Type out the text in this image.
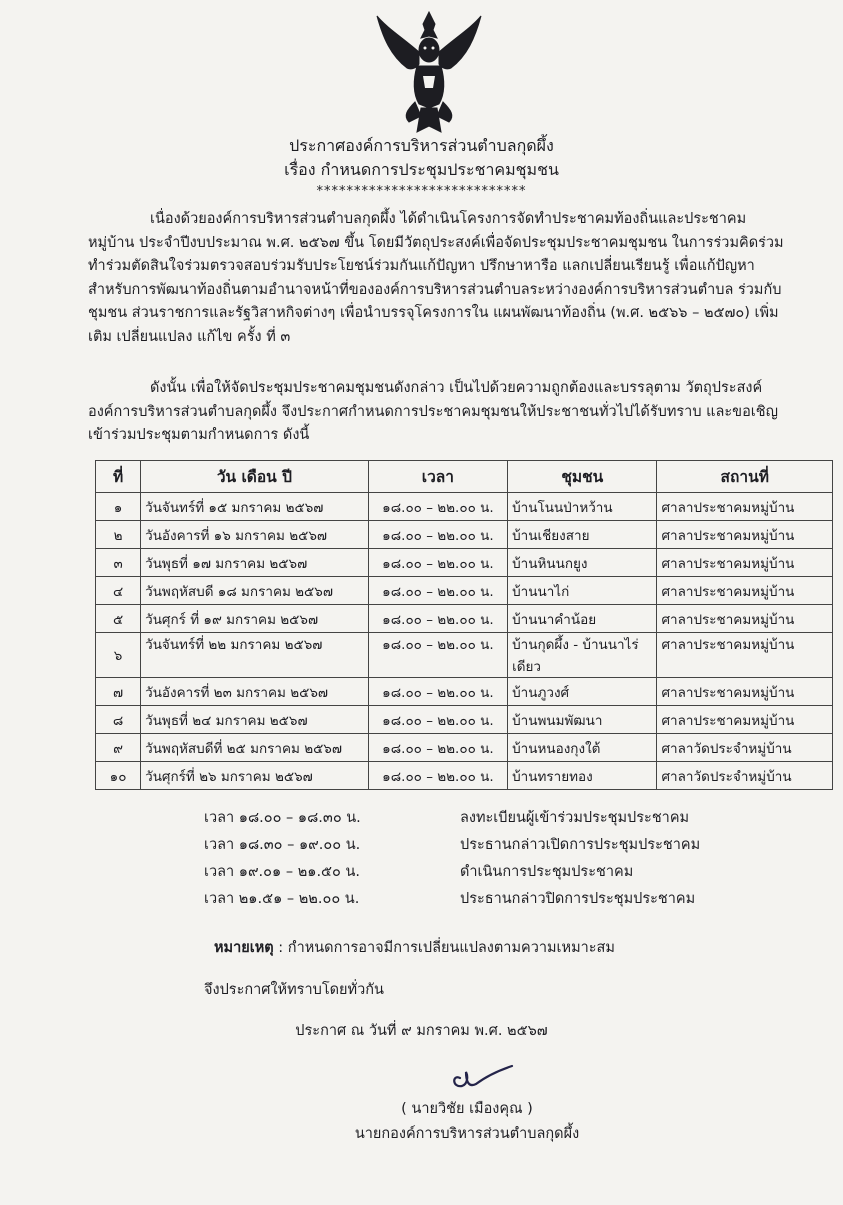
ประกาศองค์การบริหารส่วนตำบลกุดผึ้ง
เรื่อง กำหนดการประชุมประชาคมชุมชน
****************************
เนื่องด้วยองค์การบริหารส่วนตำบลกุดผึ้ง ได้ดำเนินโครงการจัดทำประชาคมท้องถิ่นและประชาคมหมู่บ้าน ประจำปีงบประมาณ พ.ศ. ๒๕๖๗ ขึ้น โดยมีวัตถุประสงค์เพื่อจัดประชุมประชาคมชุมชน ในการร่วมคิดร่วมทำร่วมตัดสินใจร่วมตรวจสอบร่วมรับประโยชน์ร่วมกันแก้ปัญหา ปรึกษาหารือ แลกเปลี่ยนเรียนรู้ เพื่อแก้ปัญหาสำหรับการพัฒนาท้องถิ่นตามอำนาจหน้าที่ขององค์การบริหารส่วนตำบลระหว่างองค์การบริหารส่วนตำบล ร่วมกับ ชุมชน ส่วนราชการและรัฐวิสาหกิจต่างๆ เพื่อนำบรรจุโครงการใน แผนพัฒนาท้องถิ่น (พ.ศ. ๒๕๖๖ – ๒๕๗๐) เพิ่มเติม เปลี่ยนแปลง แก้ไข ครั้ง ที่ ๓
ดังนั้น เพื่อให้จัดประชุมประชาคมชุมชนดังกล่าว เป็นไปด้วยความถูกต้องและบรรลุตาม วัตถุประสงค์ องค์การบริหารส่วนตำบลกุดผึ้ง จึงประกาศกำหนดการประชาคมชุมชนให้ประชาชนทั่วไปได้รับทราบ และขอเชิญเข้าร่วมประชุมตามกำหนดการ ดังนี้
ที่	วัน เดือน ปี	เวลา	ชุมชน	สถานที่
๑	วันจันทร์ที่ ๑๕ มกราคม ๒๕๖๗	๑๘.๐๐ – ๒๒.๐๐ น.	บ้านโนนป่าหว้าน	ศาลาประชาคมหมู่บ้าน
๒	วันอังคารที่ ๑๖ มกราคม ๒๕๖๗	๑๘.๐๐ – ๒๒.๐๐ น.	บ้านเชียงสาย	ศาลาประชาคมหมู่บ้าน
๓	วันพุธที่ ๑๗ มกราคม ๒๕๖๗	๑๘.๐๐ – ๒๒.๐๐ น.	บ้านหินนกยูง	ศาลาประชาคมหมู่บ้าน
๔	วันพฤหัสบดี ๑๘ มกราคม ๒๕๖๗	๑๘.๐๐ – ๒๒.๐๐ น.	บ้านนาไก่	ศาลาประชาคมหมู่บ้าน
๕	วันศุกร์ ที่ ๑๙ มกราคม ๒๕๖๗	๑๘.๐๐ – ๒๒.๐๐ น.	บ้านนาคำน้อย	ศาลาประชาคมหมู่บ้าน
๖	วันจันทร์ที่ ๒๒ มกราคม ๒๕๖๗	๑๘.๐๐ – ๒๒.๐๐ น.	บ้านกุดผึ้ง - บ้านนาไร่เดียว	ศาลาประชาคมหมู่บ้าน
๗	วันอังคารที่ ๒๓ มกราคม ๒๕๖๗	๑๘.๐๐ – ๒๒.๐๐ น.	บ้านภูวงศ์	ศาลาประชาคมหมู่บ้าน
๘	วันพุธที่ ๒๔ มกราคม ๒๕๖๗	๑๘.๐๐ – ๒๒.๐๐ น.	บ้านพนมพัฒนา	ศาลาประชาคมหมู่บ้าน
๙	วันพฤหัสบดีที่ ๒๕ มกราคม ๒๕๖๗	๑๘.๐๐ – ๒๒.๐๐ น.	บ้านหนองกุงใต้	ศาลาวัดประจำหมู่บ้าน
๑๐	วันศุกร์ที่ ๒๖ มกราคม ๒๕๖๗	๑๘.๐๐ – ๒๒.๐๐ น.	บ้านทรายทอง	ศาลาวัดประจำหมู่บ้าน
เวลา ๑๘.๐๐ – ๑๘.๓๐ น.	ลงทะเบียนผู้เข้าร่วมประชุมประชาคม
เวลา ๑๘.๓๐ – ๑๙.๐๐ น.	ประธานกล่าวเปิดการประชุมประชาคม
เวลา ๑๙.๐๑ – ๒๑.๕๐ น.	ดำเนินการประชุมประชาคม
เวลา ๒๑.๕๑ – ๒๒.๐๐ น.	ประธานกล่าวปิดการประชุมประชาคม
หมายเหตุ : กำหนดการอาจมีการเปลี่ยนแปลงตามความเหมาะสม
จึงประกาศให้ทราบโดยทั่วกัน
ประกาศ ณ วันที่ ๙ มกราคม พ.ศ. ๒๕๖๗
( นายวิชัย เมืองคุณ )
นายกองค์การบริหารส่วนตำบลกุดผึ้ง
